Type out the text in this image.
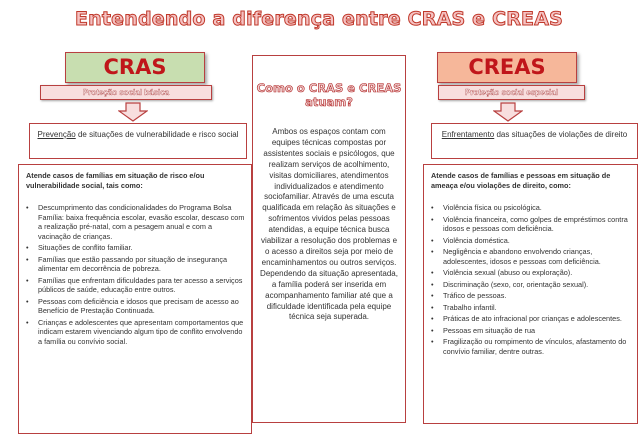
Entendendo a diferença entre CRAS e CREAS
CRAS
Proteção social básica
Prevenção de situações de vulnerabilidade e risco social
Atende casos de famílias em situação de risco e/ou vulnerabilidade social, tais como:
• Descumprimento das condicionalidades do Programa Bolsa Família: baixa frequência escolar, evasão escolar, descaso com a realização pré-natal, com a pesagem anual e com a vacinação de crianças.
• Situações de conflito familiar.
• Famílias que estão passando por situação de insegurança alimentar em decorrência de pobreza.
• Famílias que enfrentam dificuldades para ter acesso a serviços públicos de saúde, educação entre outros.
• Pessoas com deficiência e idosos que precisam de acesso ao Benefício de Prestação Continuada.
• Crianças e adolescentes que apresentam comportamentos que indicam estarem vivenciando algum tipo de conflito envolvendo a família ou convívio social.
Como o CRAS e CREAS atuam?
Ambos os espaços contam com equipes técnicas compostas por assistentes sociais e psicólogos, que realizam serviços de acolhimento, visitas domiciliares, atendimentos individualizados e atendimento sociofamiliar. Através de uma escuta qualificada em relação às situações e sofrimentos vividos pelas pessoas atendidas, a equipe técnica busca viabilizar a resolução dos problemas e o acesso a direitos seja por meio de encaminhamentos ou outros serviços. Dependendo da situação apresentada, a família poderá ser inserida em acompanhamento familiar até que a dificuldade identificada pela equipe técnica seja superada.
CREAS
Proteção social especial
Enfrentamento das situações de violações de direito
Atende casos de famílias e pessoas em situação de ameaça e/ou violações de direito, como:
• Violência física ou psicológica.
• Violência financeira, como golpes de empréstimos contra idosos e pessoas com deficiência.
• Violência doméstica.
• Negligência e abandono envolvendo crianças, adolescentes, idosos e pessoas com deficiência.
• Violência sexual (abuso ou exploração).
• Discriminação (sexo, cor, orientação sexual).
• Tráfico de pessoas.
• Trabalho infantil.
• Práticas de ato infracional por crianças e adolescentes.
• Pessoas em situação de rua
• Fragilização ou rompimento de vínculos, afastamento do convívio familiar, dentre outras.
